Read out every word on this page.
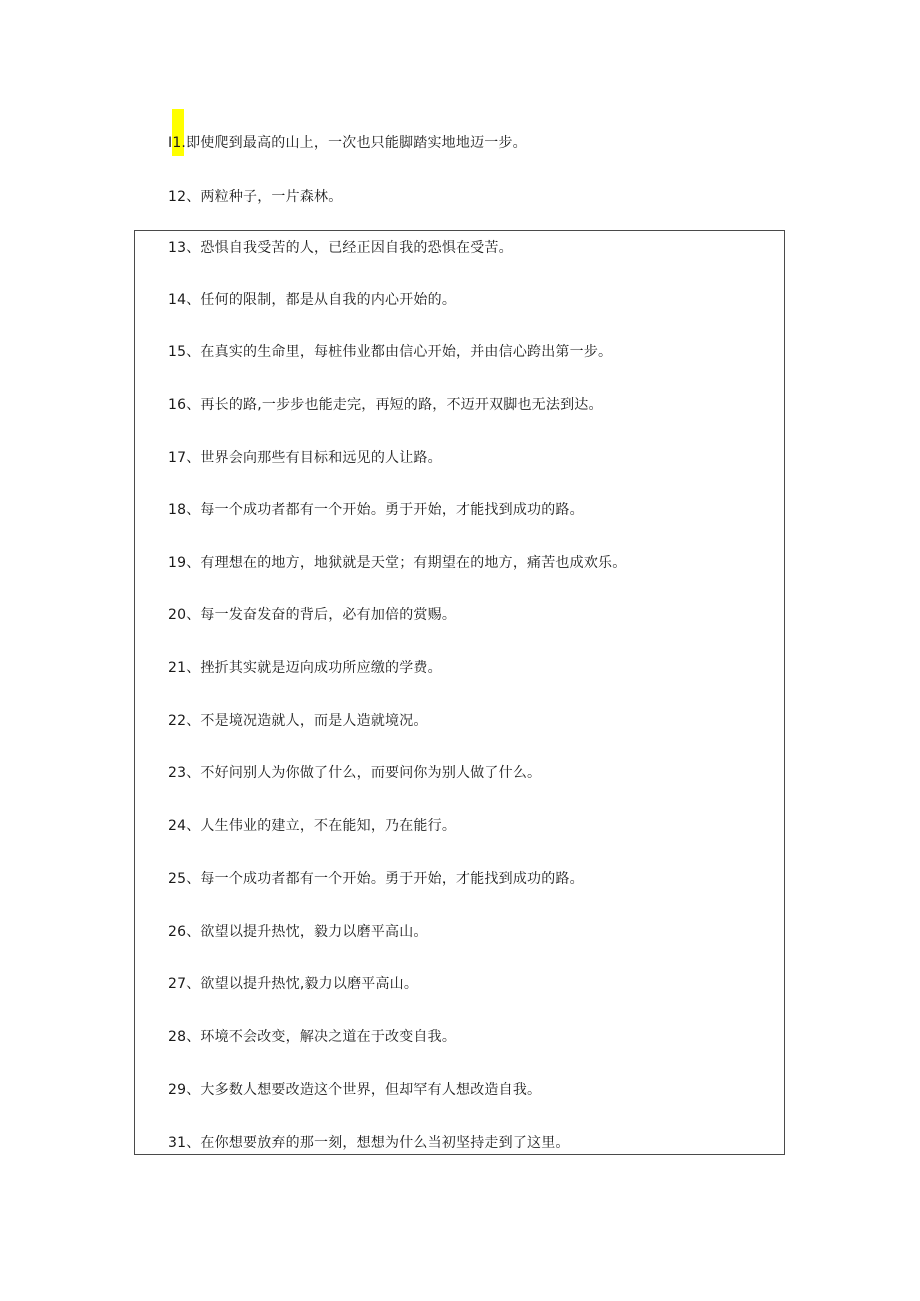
I1.即使爬到最高的山上，一次也只能脚踏实地地迈一步。
12、两粒种子，一片森林。
13、恐惧自我受苦的人，已经正因自我的恐惧在受苦。
14、任何的限制，都是从自我的内心开始的。
15、在真实的生命里，每桩伟业都由信心开始，并由信心跨出第一步。
16、再长的路,一步步也能走完，再短的路，不迈开双脚也无法到达。
17、世界会向那些有目标和远见的人让路。
18、每一个成功者都有一个开始。勇于开始，才能找到成功的路。
19、有理想在的地方，地狱就是天堂；有期望在的地方，痛苦也成欢乐。
20、每一发奋发奋的背后，必有加倍的赏赐。
21、挫折其实就是迈向成功所应缴的学费。
22、不是境况造就人，而是人造就境况。
23、不好问别人为你做了什么，而要问你为别人做了什么。
24、人生伟业的建立，不在能知，乃在能行。
25、每一个成功者都有一个开始。勇于开始，才能找到成功的路。
26、欲望以提升热忱，毅力以磨平高山。
27、欲望以提升热忱,毅力以磨平高山。
28、环境不会改变，解决之道在于改变自我。
29、大多数人想要改造这个世界，但却罕有人想改造自我。
31、在你想要放弃的那一刻，想想为什么当初坚持走到了这里。
